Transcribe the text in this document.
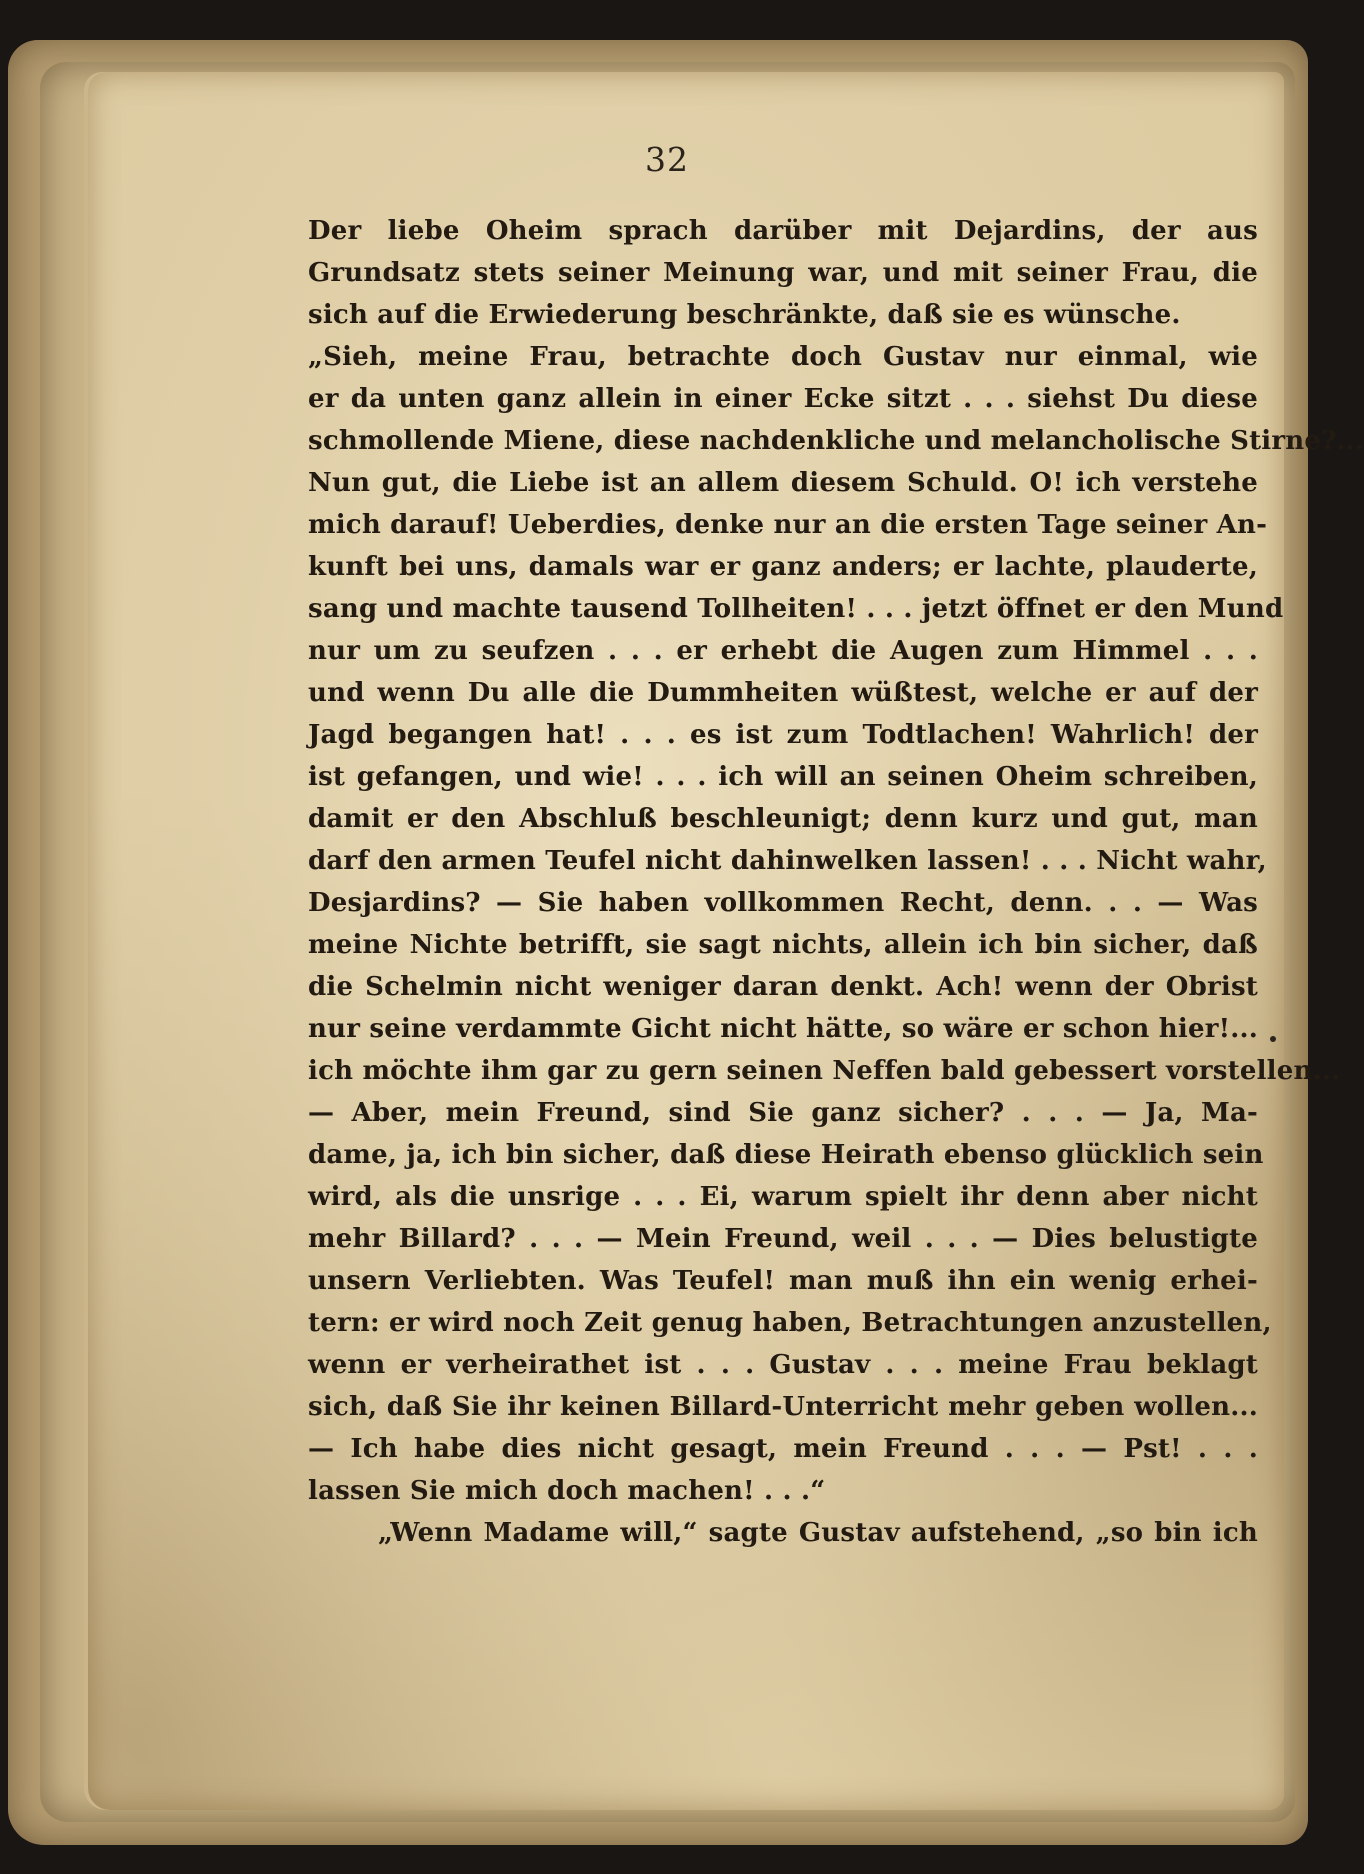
32
Der liebe Oheim sprach darüber mit Dejardins, der aus
Grundsatz stets seiner Meinung war, und mit seiner Frau, die
sich auf die Erwiederung beschränkte, daß sie es wünsche.
„Sieh, meine Frau, betrachte doch Gustav nur einmal, wie
er da unten ganz allein in einer Ecke sitzt . . . siehst Du diese
schmollende Miene, diese nachdenkliche und melancholische Stirne?...
Nun gut, die Liebe ist an allem diesem Schuld. O! ich verstehe
mich darauf! Ueberdies, denke nur an die ersten Tage seiner An-
kunft bei uns, damals war er ganz anders; er lachte, plauderte,
sang und machte tausend Tollheiten! . . . jetzt öffnet er den Mund
nur um zu seufzen . . . er erhebt die Augen zum Himmel . . .
und wenn Du alle die Dummheiten wüßtest, welche er auf der
Jagd begangen hat! . . . es ist zum Todtlachen! Wahrlich! der
ist gefangen, und wie! . . . ich will an seinen Oheim schreiben,
damit er den Abschluß beschleunigt; denn kurz und gut, man
darf den armen Teufel nicht dahinwelken lassen! . . . Nicht wahr,
Desjardins? — Sie haben vollkommen Recht, denn. . . — Was
meine Nichte betrifft, sie sagt nichts, allein ich bin sicher, daß
die Schelmin nicht weniger daran denkt. Ach! wenn der Obrist
nur seine verdammte Gicht nicht hätte, so wäre er schon hier!...
ich möchte ihm gar zu gern seinen Neffen bald gebessert vorstellen...
— Aber, mein Freund, sind Sie ganz sicher? . . . — Ja, Ma-
dame, ja, ich bin sicher, daß diese Heirath ebenso glücklich sein
wird, als die unsrige . . . Ei, warum spielt ihr denn aber nicht
mehr Billard? . . . — Mein Freund, weil . . . — Dies belustigte
unsern Verliebten. Was Teufel! man muß ihn ein wenig erhei-
tern: er wird noch Zeit genug haben, Betrachtungen anzustellen,
wenn er verheirathet ist . . . Gustav . . . meine Frau beklagt
sich, daß Sie ihr keinen Billard-Unterricht mehr geben wollen...
— Ich habe dies nicht gesagt, mein Freund . . . — Pst! . . .
lassen Sie mich doch machen! . . .“
„Wenn Madame will,“ sagte Gustav aufstehend, „so bin ich
